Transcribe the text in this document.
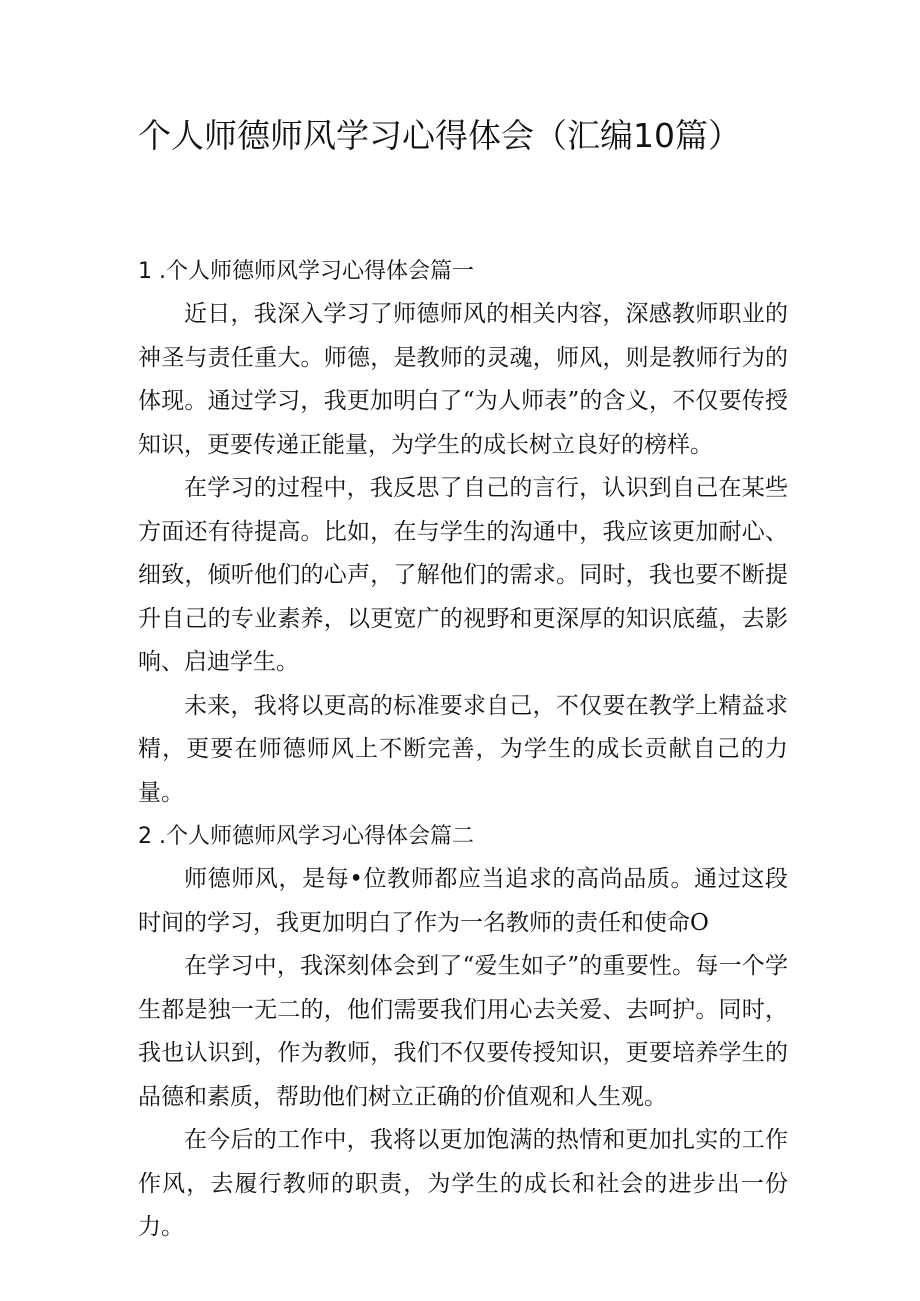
个人师德师风学习心得体会（汇编10篇）

1 .个人师德师风学习心得体会篇一

近日，我深入学习了师德师风的相关内容，深感教师职业的神圣与责任重大。师德，是教师的灵魂，师风，则是教师行为的体现。通过学习，我更加明白了“为人师表”的含义，不仅要传授知识，更要传递正能量，为学生的成长树立良好的榜样。

在学习的过程中，我反思了自己的言行，认识到自己在某些方面还有待提高。比如，在与学生的沟通中，我应该更加耐心、细致，倾听他们的心声，了解他们的需求。同时，我也要不断提升自己的专业素养，以更宽广的视野和更深厚的知识底蕴，去影响、启迪学生。

未来，我将以更高的标准要求自己，不仅要在教学上精益求精，更要在师德师风上不断完善，为学生的成长贡献自己的力量。

2 .个人师德师风学习心得体会篇二

师德师风，是每•位教师都应当追求的高尚品质。通过这段时间的学习，我更加明白了作为一名教师的责任和使命O

在学习中，我深刻体会到了“爱生如子”的重要性。每一个学生都是独一无二的，他们需要我们用心去关爱、去呵护。同时，我也认识到，作为教师，我们不仅要传授知识，更要培养学生的品德和素质，帮助他们树立正确的价值观和人生观。

在今后的工作中，我将以更加饱满的热情和更加扎实的工作作风，去履行教师的职责，为学生的成长和社会的进步出一份力。
